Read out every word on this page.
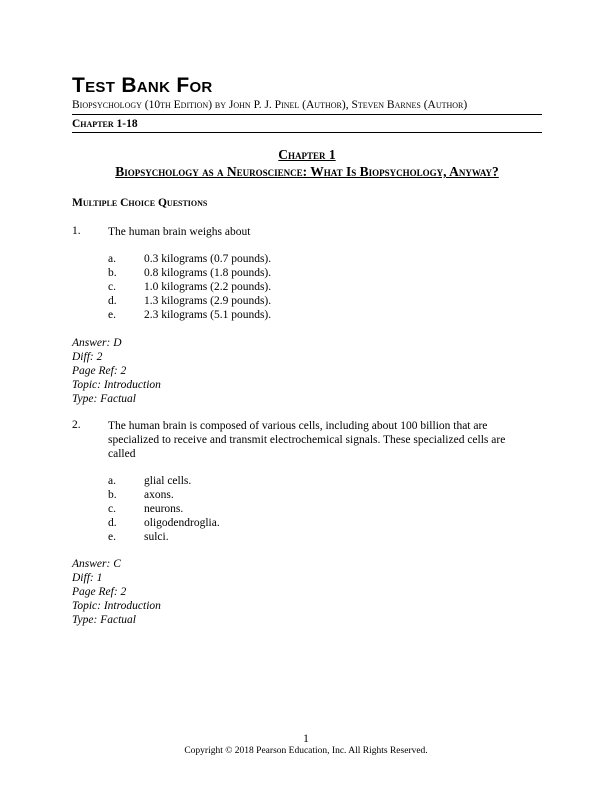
Test Bank For
Biopsychology (10th Edition) by John P. J. Pinel (Author), Steven Barnes (Author)
Chapter 1-18
Chapter 1
Biopsychology as a Neuroscience: What Is Biopsychology, Anyway?
Multiple Choice Questions
1. The human brain weighs about
a. 0.3 kilograms (0.7 pounds).
b. 0.8 kilograms (1.8 pounds).
c. 1.0 kilograms (2.2 pounds).
d. 1.3 kilograms (2.9 pounds).
e. 2.3 kilograms (5.1 pounds).
Answer: D
Diff: 2
Page Ref: 2
Topic: Introduction
Type: Factual
2. The human brain is composed of various cells, including about 100 billion that are
specialized to receive and transmit electrochemical signals. These specialized cells are
called
a. glial cells.
b. axons.
c. neurons.
d. oligodendroglia.
e. sulci.
Answer: C
Diff: 1
Page Ref: 2
Topic: Introduction
Type: Factual
1
Copyright © 2018 Pearson Education, Inc. All Rights Reserved.
